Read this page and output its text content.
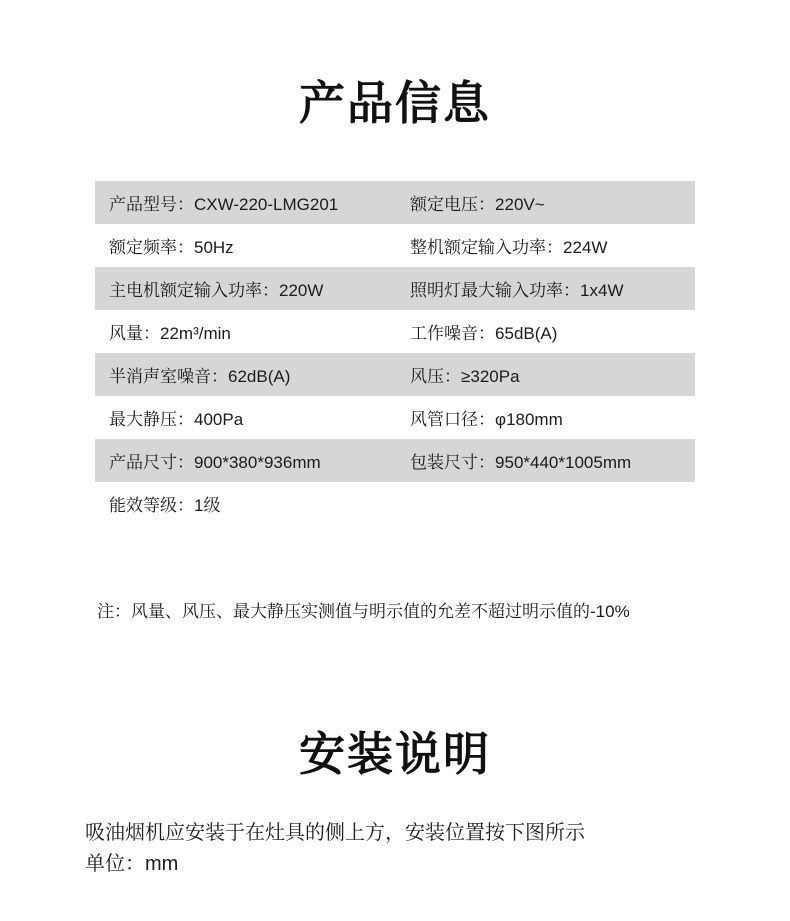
产品信息
产品型号：CXW-220-LMG201	额定电压：220V~
额定频率：50Hz	整机额定输入功率：224W
主电机额定输入功率：220W	照明灯最大输入功率：1x4W
风量：22m³/min	工作噪音：65dB(A)
半消声室噪音：62dB(A)	风压：≥320Pa
最大静压：400Pa	风管口径：φ180mm
产品尺寸：900*380*936mm	包装尺寸：950*440*1005mm
能效等级：1级	

注：风量、风压、最大静压实测值与明示值的允差不超过明示值的-10%

安装说明
吸油烟机应安装于在灶具的侧上方，安装位置按下图所示
单位：mm
